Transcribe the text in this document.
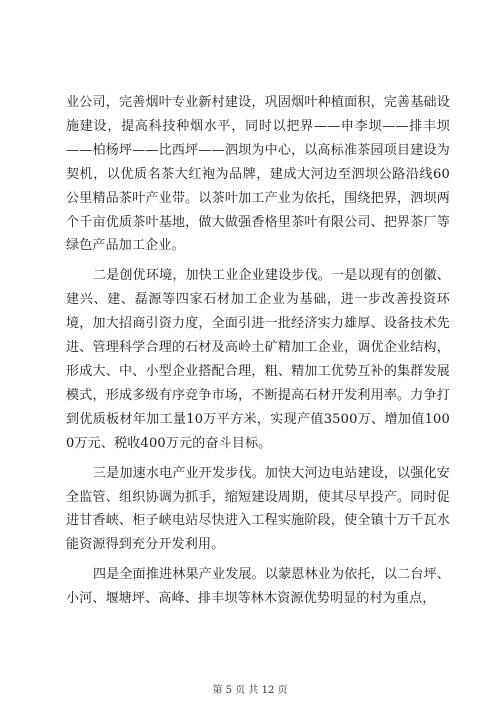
业公司，完善烟叶专业新村建设，巩固烟叶种植面积，完善基础设施建设，提高科技种烟水平，同时以把界——申李坝——排丰坝——柏杨坪——比西坪——泗坝为中心，以高标准茶园项目建设为契机，以优质名茶大红袍为品牌，建成大河边至泗坝公路沿线60公里精品茶叶产业带。以茶叶加工产业为依托，围绕把界，泗坝两个千亩优质茶叶基地，做大做强香格里茶叶有限公司、把界茶厂等绿色产品加工企业。

二是创优环境，加快工业企业建设步伐。一是以现有的创徽、建兴、建、磊源等四家石材加工企业为基础，进一步改善投资环境，加大招商引资力度，全面引进一批经济实力雄厚、设备技术先进、管理科学合理的石材及高岭土矿精加工企业，调优企业结构，形成大、中、小型企业搭配合理，粗、精加工优势互补的集群发展模式，形成多级有序竞争市场，不断提高石材开发利用率。力争打到优质板材年加工量10万平方米，实现产值3500万、增加值1000万元、税收400万元的奋斗目标。

三是加速水电产业开发步伐。加快大河边电站建设，以强化安全监管、组织协调为抓手，缩短建设周期，使其尽早投产。同时促进甘香峡、柜子峡电站尽快进入工程实施阶段，使全镇十万千瓦水能资源得到充分开发利用。

四是全面推进林果产业发展。以蒙恩林业为依托，以二台坪、小河、堰塘坪、高峰、排丰坝等林木资源优势明显的村为重点，

第 5 页 共 12 页
